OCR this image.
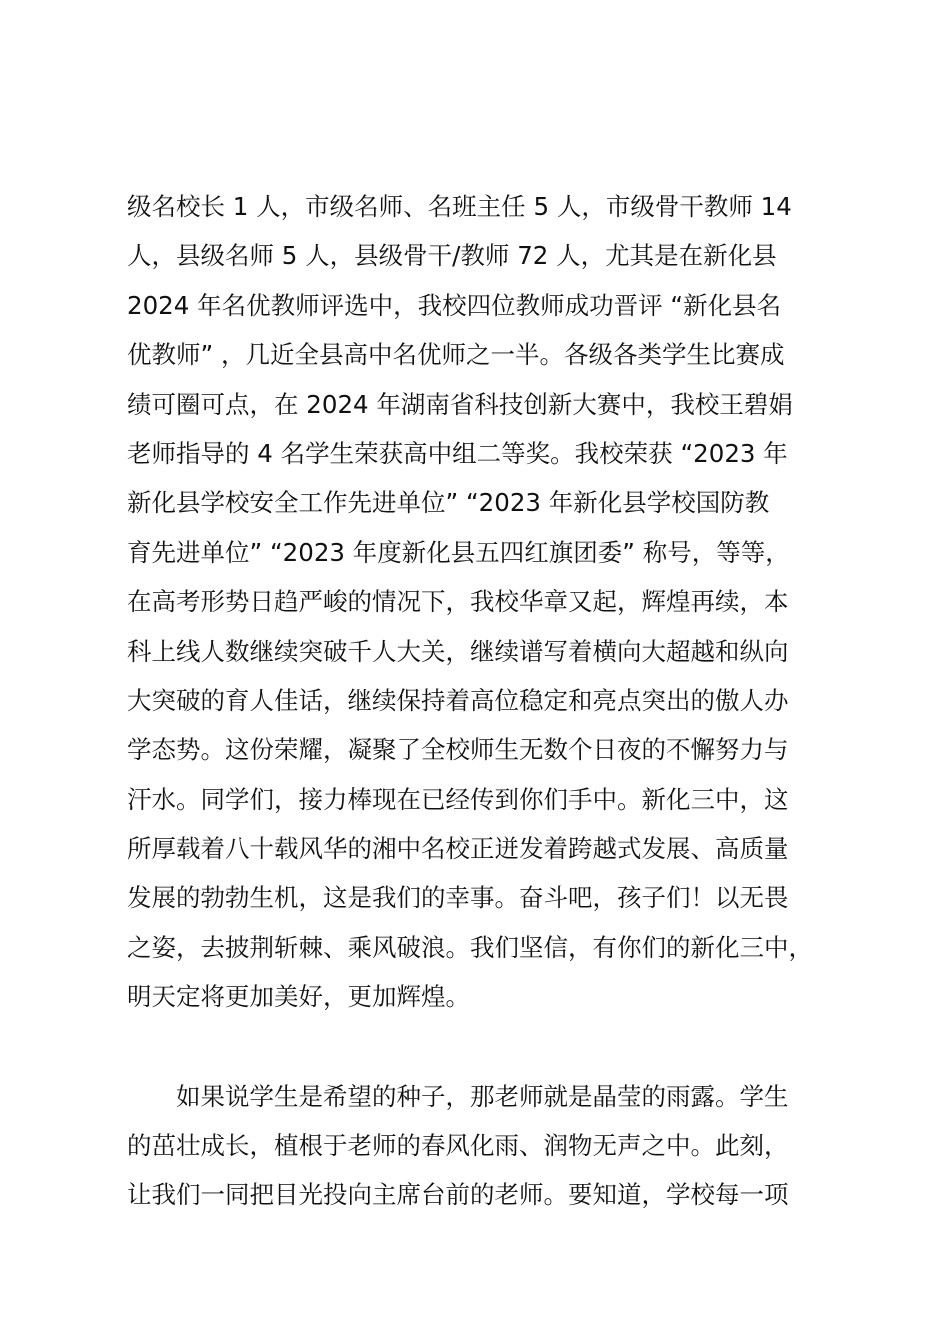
级名校长 1 人，市级名师、名班主任 5 人，市级骨干教师 14
人，县级名师 5 人，县级骨干/教师 72 人，尤其是在新化县
2024 年名优教师评选中，我校四位教师成功晋评 “新化县名
优教师” ，几近全县高中名优师之一半。各级各类学生比赛成
绩可圈可点，在 2024 年湖南省科技创新大赛中，我校王碧娟
老师指导的 4 名学生荣获高中组二等奖。我校荣获 “2023 年
新化县学校安全工作先进单位” “2023 年新化县学校国防教
育先进单位” “2023 年度新化县五四红旗团委” 称号，等等，
在高考形势日趋严峻的情况下，我校华章又起，辉煌再续，本
科上线人数继续突破千人大关，继续谱写着横向大超越和纵向
大突破的育人佳话，继续保持着高位稳定和亮点突出的傲人办
学态势。这份荣耀，凝聚了全校师生无数个日夜的不懈努力与
汗水。同学们，接力棒现在已经传到你们手中。新化三中，这
所厚载着八十载风华的湘中名校正迸发着跨越式发展、高质量
发展的勃勃生机，这是我们的幸事。奋斗吧，孩子们！以无畏
之姿，去披荆斩棘、乘风破浪。我们坚信，有你们的新化三中，
明天定将更加美好，更加辉煌。
如果说学生是希望的种子，那老师就是晶莹的雨露。学生
的茁壮成长，植根于老师的春风化雨、润物无声之中。此刻，
让我们一同把目光投向主席台前的老师。要知道，学校每一项
